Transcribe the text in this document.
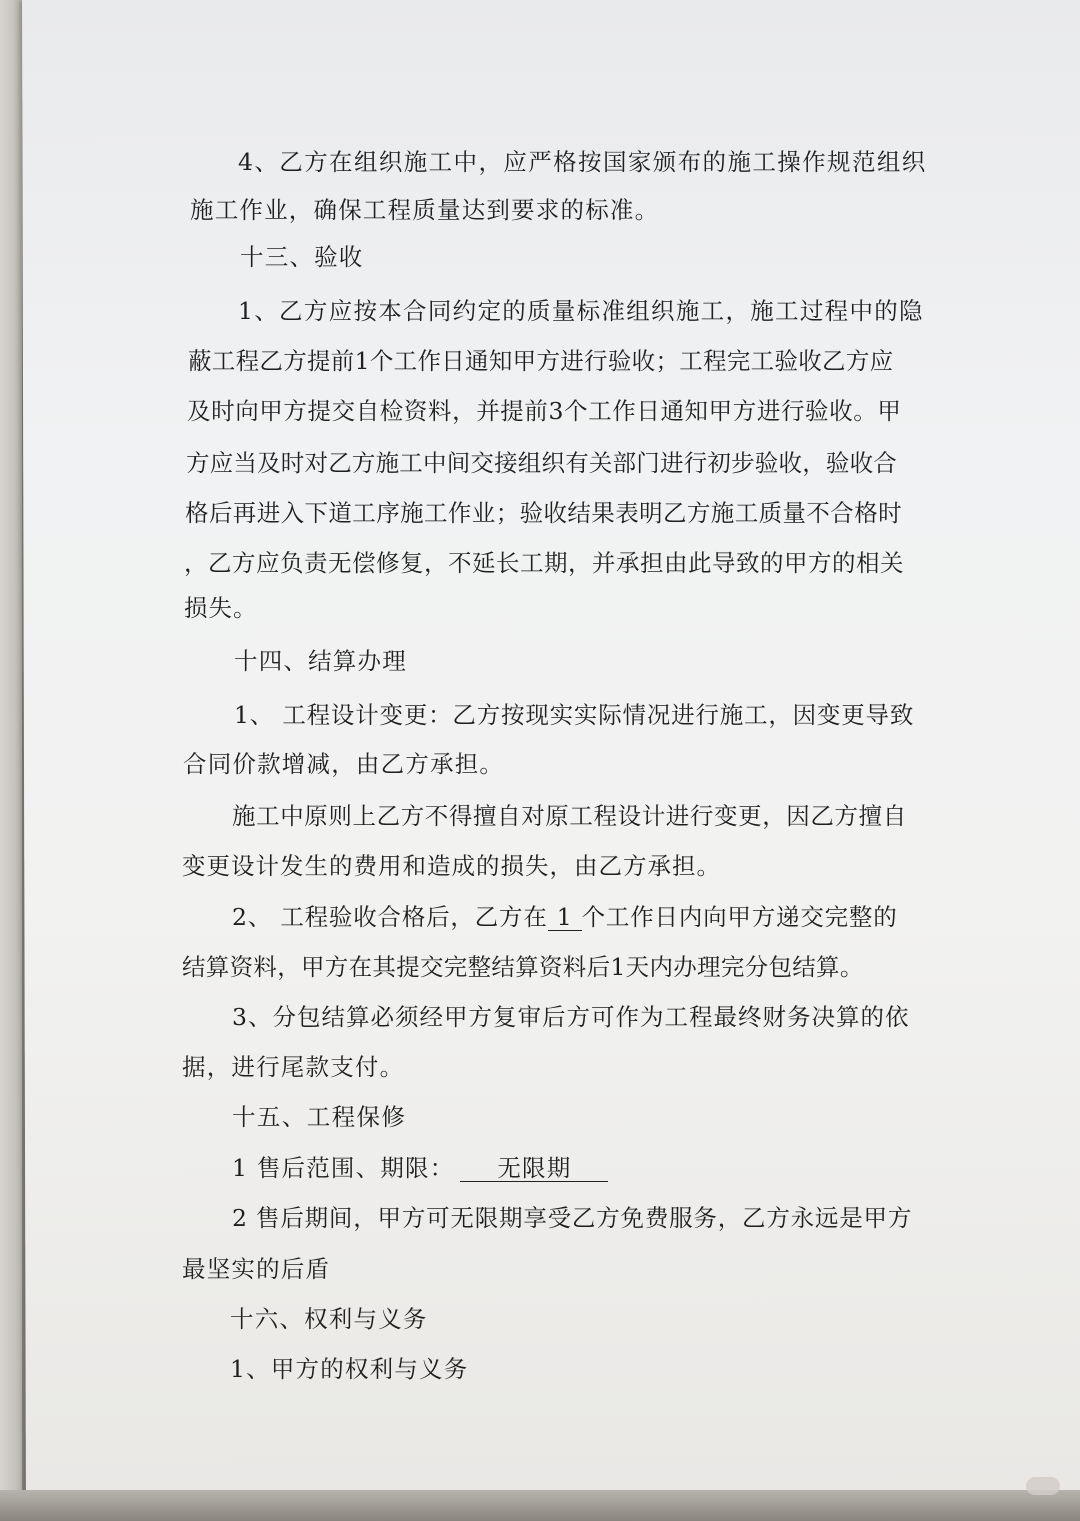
4、乙方在组织施工中，应严格按国家颁布的施工操作规范组织
施工作业，确保工程质量达到要求的标准。
十三、验收
1、乙方应按本合同约定的质量标准组织施工，施工过程中的隐
蔽工程乙方提前1个工作日通知甲方进行验收；工程完工验收乙方应
及时向甲方提交自检资料，并提前3个工作日通知甲方进行验收。甲
方应当及时对乙方施工中间交接组织有关部门进行初步验收，验收合
格后再进入下道工序施工作业；验收结果表明乙方施工质量不合格时
，乙方应负责无偿修复，不延长工期，并承担由此导致的甲方的相关
损失。
十四、结算办理
1、 工程设计变更：乙方按现实实际情况进行施工，因变更导致
合同价款增减，由乙方承担。
施工中原则上乙方不得擅自对原工程设计进行变更，因乙方擅自
变更设计发生的费用和造成的损失，由乙方承担。
2、 工程验收合格后，乙方在 1 个工作日内向甲方递交完整的
结算资料，甲方在其提交完整结算资料后1天内办理完分包结算。
3、分包结算必须经甲方复审后方可作为工程最终财务决算的依
据，进行尾款支付。
十五、工程保修
1 售后范围、期限： 无限期
2 售后期间，甲方可无限期享受乙方免费服务，乙方永远是甲方
最坚实的后盾
十六、权利与义务
1、甲方的权利与义务
